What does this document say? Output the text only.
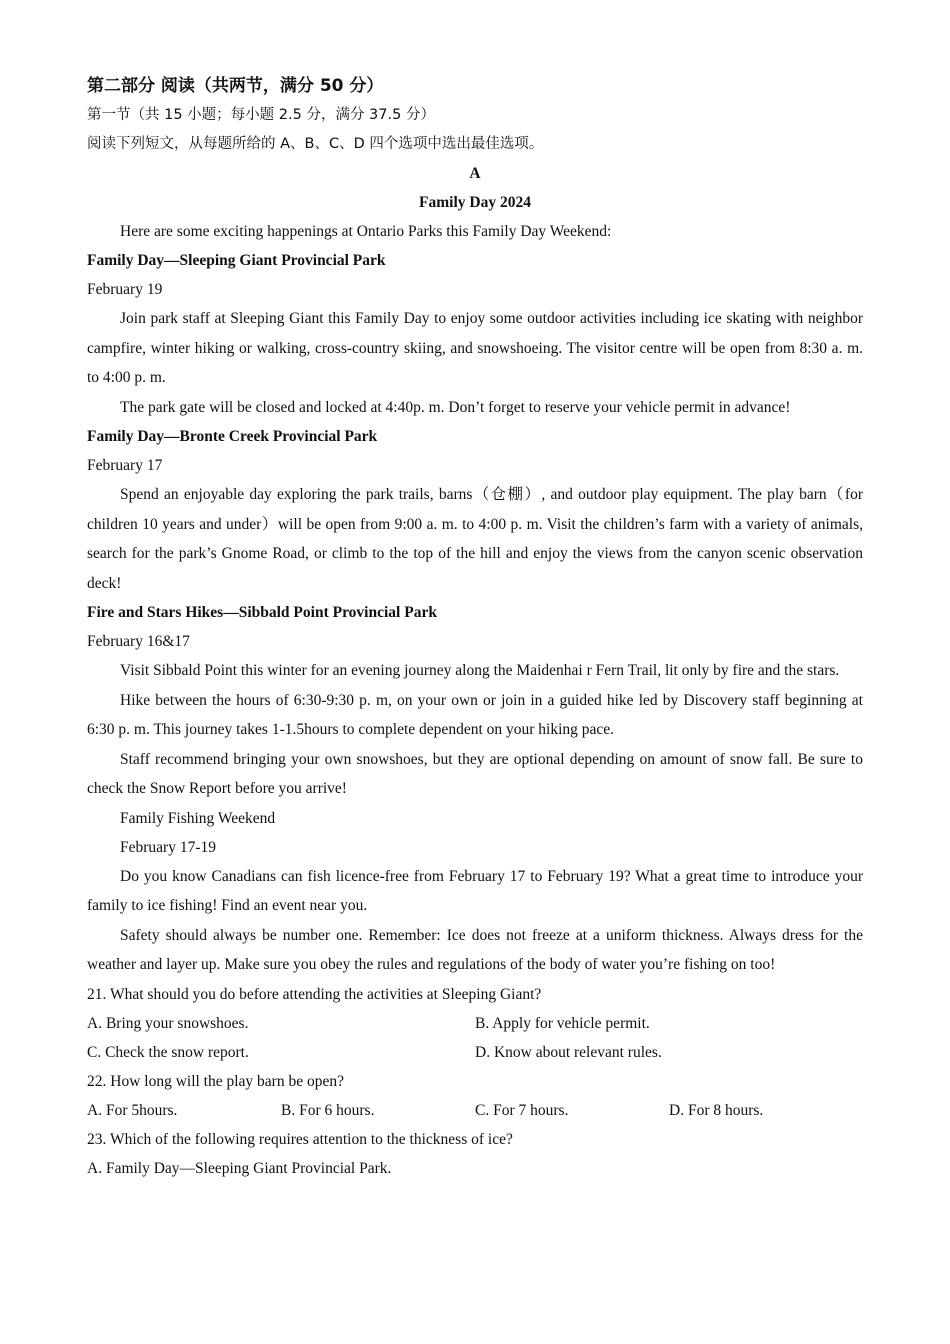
第二部分 阅读（共两节，满分 50 分）
第一节（共 15 小题；每小题 2.5 分，满分 37.5 分）
阅读下列短文，从每题所给的 A、B、C、D 四个选项中选出最佳选项。
A
Family Day 2024
Here are some exciting happenings at Ontario Parks this Family Day Weekend:
Family Day—Sleeping Giant Provincial Park
February 19
Join park staff at Sleeping Giant this Family Day to enjoy some outdoor activities including ice skating with neighbor campfire, winter hiking or walking, cross-country skiing, and snowshoeing. The visitor centre will be open from 8:30 a. m. to 4:00 p. m.
The park gate will be closed and locked at 4:40p. m. Don’t forget to reserve your vehicle permit in advance!
Family Day—Bronte Creek Provincial Park
February 17
Spend an enjoyable day exploring the park trails, barns（仓棚）, and outdoor play equipment. The play barn（for children 10 years and under）will be open from 9:00 a. m. to 4:00 p. m. Visit the children’s farm with a variety of animals, search for the park’s Gnome Road, or climb to the top of the hill and enjoy the views from the canyon scenic observation deck!
Fire and Stars Hikes—Sibbald Point Provincial Park
February 16&17
Visit Sibbald Point this winter for an evening journey along the Maidenhai r Fern Trail, lit only by fire and the stars.
Hike between the hours of 6:30-9:30 p. m, on your own or join in a guided hike led by Discovery staff beginning at 6:30 p. m. This journey takes 1-1.5hours to complete dependent on your hiking pace.
Staff recommend bringing your own snowshoes, but they are optional depending on amount of snow fall. Be sure to check the Snow Report before you arrive!
Family Fishing Weekend
February 17-19
Do you know Canadians can fish licence-free from February 17 to February 19? What a great time to introduce your family to ice fishing! Find an event near you.
Safety should always be number one. Remember: Ice does not freeze at a uniform thickness. Always dress for the weather and layer up. Make sure you obey the rules and regulations of the body of water you’re fishing on too!
21. What should you do before attending the activities at Sleeping Giant?
A. Bring your snowshoes.	B. Apply for vehicle permit.
C. Check the snow report.	D. Know about relevant rules.
22. How long will the play barn be open?
A. For 5hours.	B. For 6 hours.	C. For 7 hours.	D. For 8 hours.
23. Which of the following requires attention to the thickness of ice?
A. Family Day—Sleeping Giant Provincial Park.
